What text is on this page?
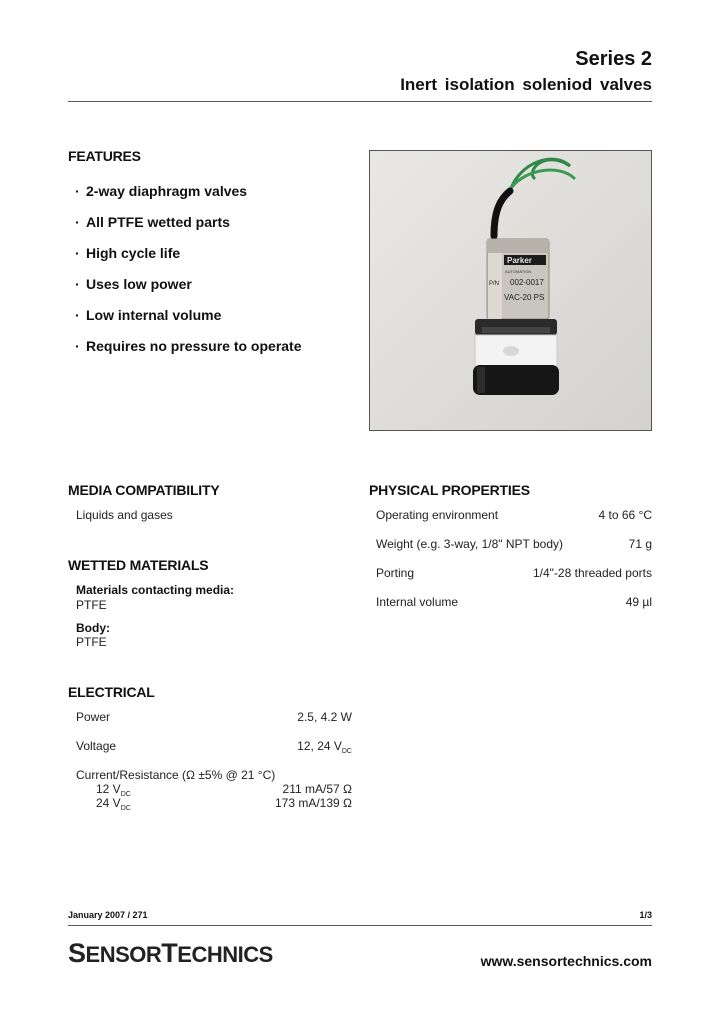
Series 2
Inert isolation soleniod valves
FEATURES
· 2-way diaphragm valves
· All PTFE wetted parts
· High cycle life
· Uses low power
· Low internal volume
· Requires no pressure to operate
Parker
AUTOMATION
P/N 002-0017
VAC-20 PS
MEDIA COMPATIBILITY
Liquids and gases
WETTED MATERIALS
Materials contacting media:
PTFE
Body:
PTFE
ELECTRICAL
Power	2.5, 4.2 W
Voltage	12, 24 $V_{DC}$
Current/Resistance (Ω ±5% @ 21 °C)
12 $V_{DC}$	211 mA/57 Ω
24 $V_{DC}$	173 mA/139 Ω
PHYSICAL PROPERTIES
Operating environment	4 to 66 °C
Weight (e.g. 3-way, 1/8" NPT body)	71 g
Porting	1/4"-28 threaded ports
Internal volume	49 µl
January 2007 / 271	1/3
SENSORTECHNICS	www.sensortechnics.com
